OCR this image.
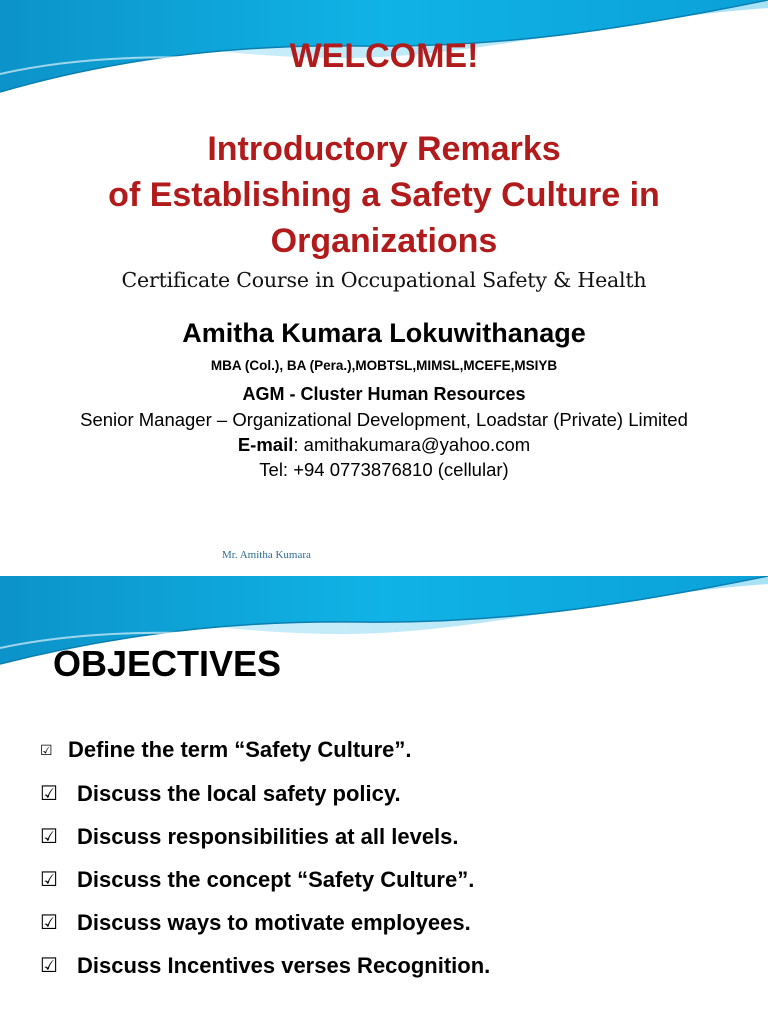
WELCOME!

Introductory Remarks

of Establishing a Safety Culture in

Organizations

Certificate Course in Occupational Safety & Health

Amitha Kumara Lokuwithanage

MBA (Col.), BA (Pera.),MOBTSL,MIMSL,MCEFE,MSIYB

AGM - Cluster Human Resources

Senior Manager – Organizational Development, Loadstar (Private) Limited

E-mail: amithakumara@yahoo.com

Tel: +94 0773876810 (cellular)

Mr. Amitha Kumara

OBJECTIVES

☑ Define the term “Safety Culture”.
☑ Discuss the local safety policy.
☑ Discuss responsibilities at all levels.
☑ Discuss the concept “Safety Culture”.
☑ Discuss ways to motivate employees.
☑ Discuss Incentives verses Recognition.
